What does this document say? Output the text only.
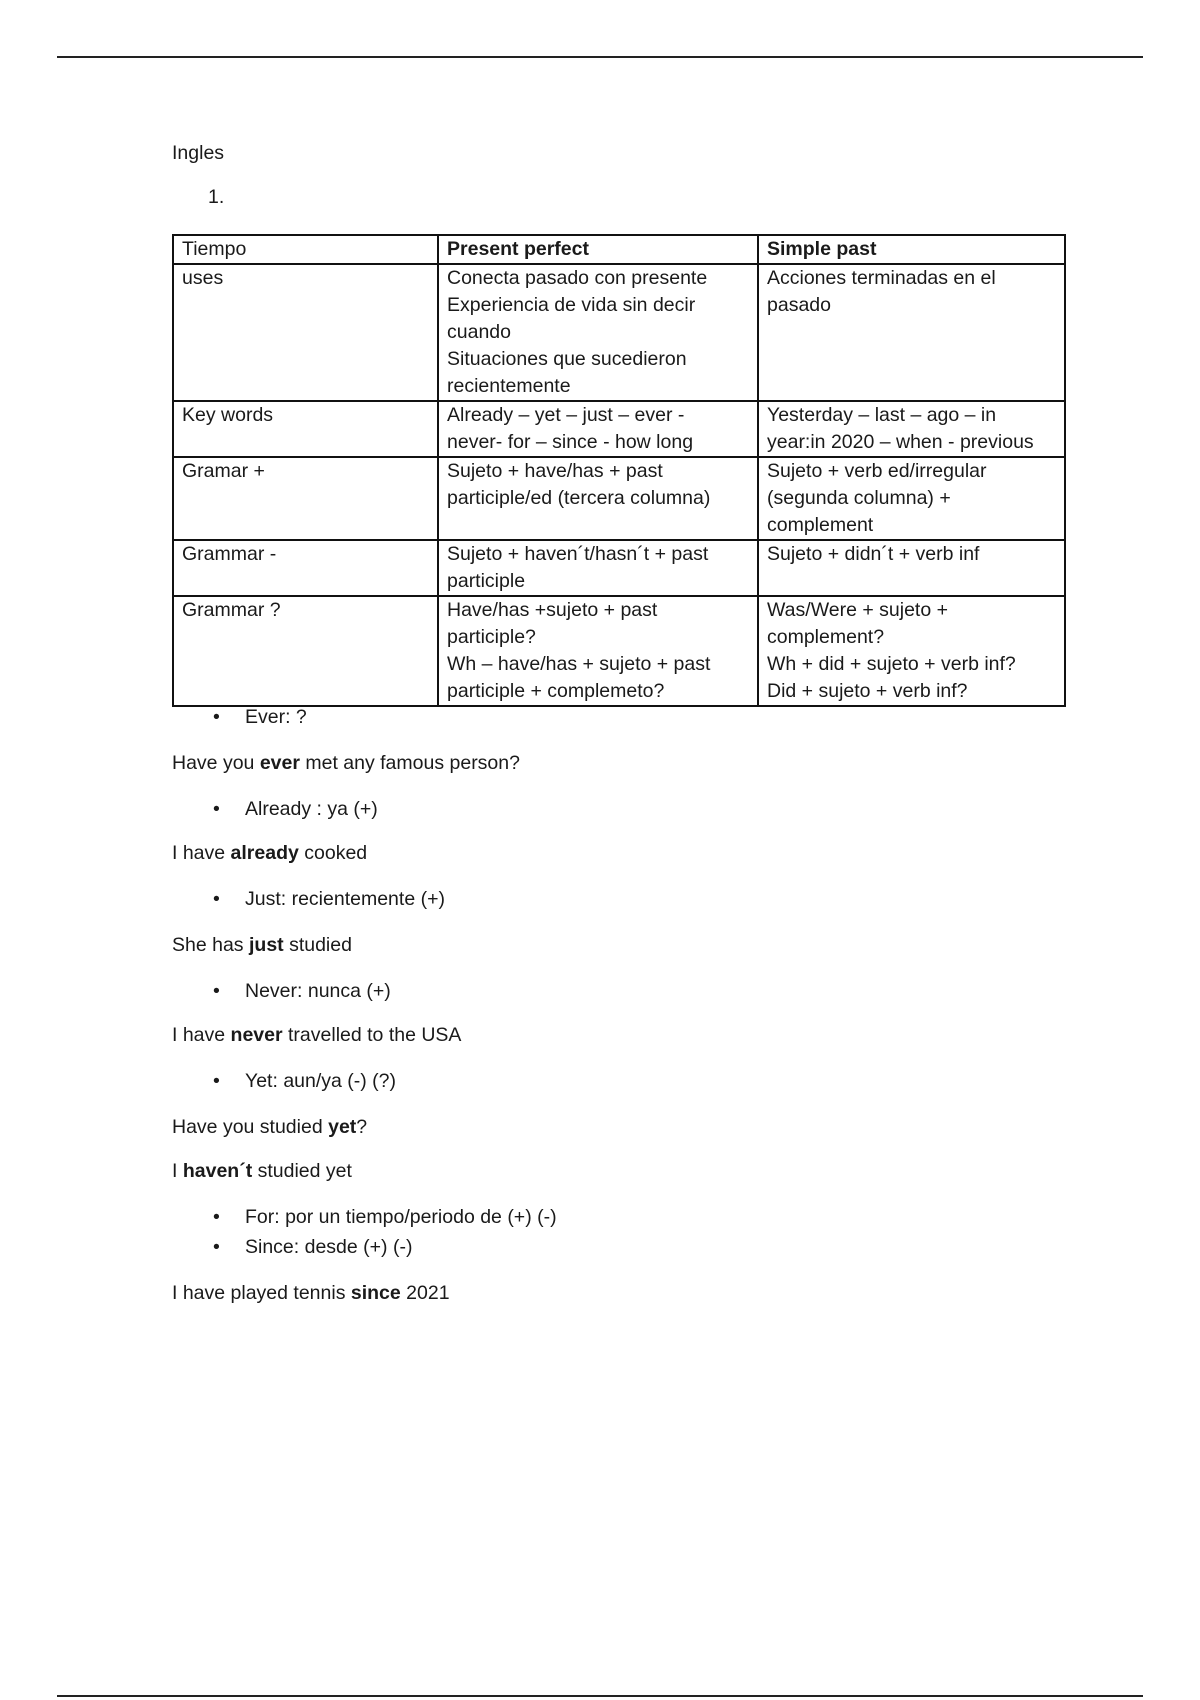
Ingles

1.

Tiempo	Present perfect	Simple past
uses	Conecta pasado con presente
Experiencia de vida sin decir
cuando
Situaciones que sucedieron
recientemente	Acciones terminadas en el
pasado

Key words	Already – yet – just – ever -
never- for – since - how long	Yesterday – last – ago – in
year:in 2020 – when - previous

Gramar +	Sujeto + have/has + past
participle/ed (tercera columna)	Sujeto + verb ed/irregular
(segunda columna) +
complement

Grammar -	Sujeto + haven´t/hasn´t + past
participle	Sujeto + didn´t + verb inf

Grammar ?	Have/has +sujeto + past
participle?
Wh – have/has + sujeto + past
participle + complemeto?	Was/Were + sujeto +
complement?
Wh + did + sujeto + verb inf?
Did + sujeto + verb inf?
• Ever: ?
Have you ever met any famous person?
• Already : ya (+)
I have already cooked
• Just: recientemente (+)
She has just studied
• Never: nunca (+)
I have never travelled to the USA
• Yet: aun/ya (-) (?)
Have you studied yet?
I haven´t studied yet
• For: por un tiempo/periodo de (+) (-)
• Since: desde (+) (-)
I have played tennis since 2021
